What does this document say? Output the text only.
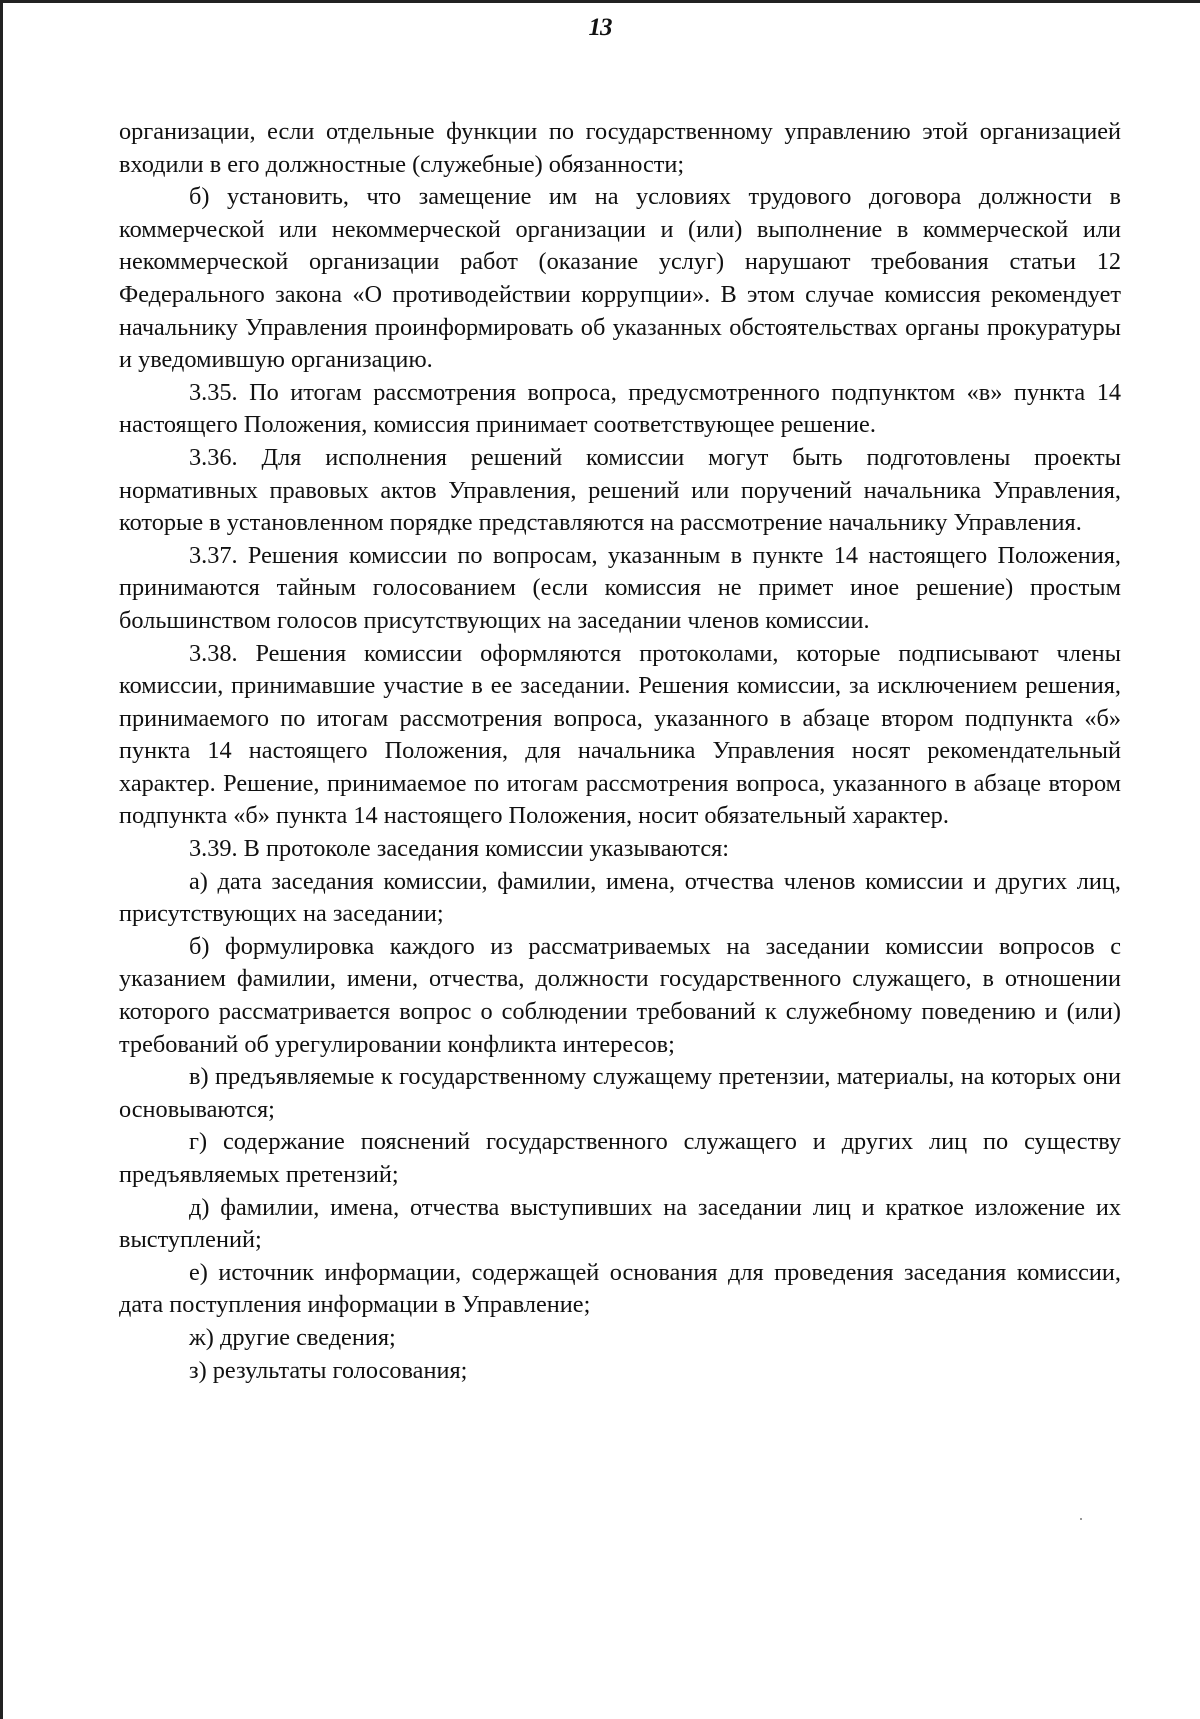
13

организации, если отдельные функции по государственному управлению этой организацией входили в его должностные (служебные) обязанности;

б) установить, что замещение им на условиях трудового договора должности в коммерческой или некоммерческой организации и (или) выполнение в коммерческой или некоммерческой организации работ (оказание услуг) нарушают требования статьи 12 Федерального закона «О противодействии коррупции». В этом случае комиссия рекомендует начальнику Управления проинформировать об указанных обстоятельствах органы прокуратуры и уведомившую организацию.

3.35. По итогам рассмотрения вопроса, предусмотренного подпунктом «в» пункта 14 настоящего Положения, комиссия принимает соответствующее решение.

3.36. Для исполнения решений комиссии могут быть подготовлены проекты нормативных правовых актов Управления, решений или поручений начальника Управления, которые в установленном порядке представляются на рассмотрение начальнику Управления.

3.37. Решения комиссии по вопросам, указанным в пункте 14 настоящего Положения, принимаются тайным голосованием (если комиссия не примет иное решение) простым большинством голосов присутствующих на заседании членов комиссии.

3.38. Решения комиссии оформляются протоколами, которые подписывают члены комиссии, принимавшие участие в ее заседании. Решения комиссии, за исключением решения, принимаемого по итогам рассмотрения вопроса, указанного в абзаце втором подпункта «б» пункта 14 настоящего Положения, для начальника Управления носят рекомендательный характер. Решение, принимаемое по итогам рассмотрения вопроса, указанного в абзаце втором подпункта «б» пункта 14 настоящего Положения, носит обязательный характер.

3.39. В протоколе заседания комиссии указываются:

а) дата заседания комиссии, фамилии, имена, отчества членов комиссии и других лиц, присутствующих на заседании;

б) формулировка каждого из рассматриваемых на заседании комиссии вопросов с указанием фамилии, имени, отчества, должности государственного служащего, в отношении которого рассматривается вопрос о соблюдении требований к служебному поведению и (или) требований об урегулировании конфликта интересов;

в) предъявляемые к государственному служащему претензии, материалы, на которых они основываются;

г) содержание пояснений государственного служащего и других лиц по существу предъявляемых претензий;

д) фамилии, имена, отчества выступивших на заседании лиц и краткое изложение их выступлений;

е) источник информации, содержащей основания для проведения заседания комиссии, дата поступления информации в Управление;

ж) другие сведения;

з) результаты голосования;
